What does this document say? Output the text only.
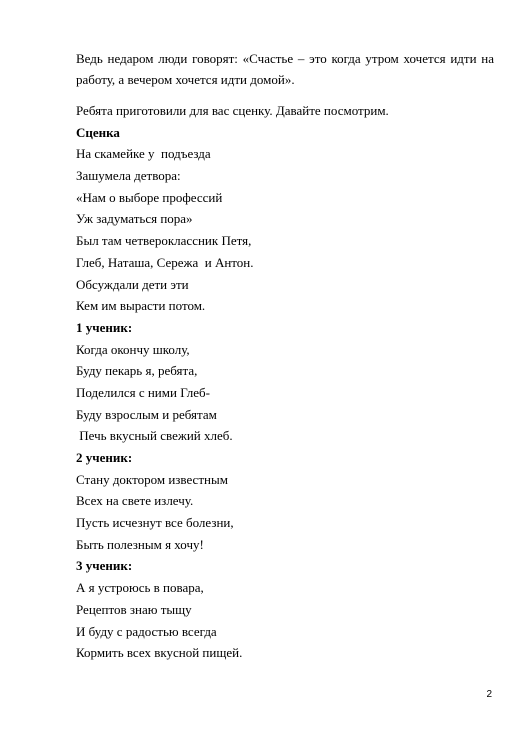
Ведь недаром люди говорят: «Счастье – это когда утром хочется идти на работу, а вечером хочется идти домой».
Ребята приготовили для вас сценку. Давайте посмотрим.
Сценка
На скамейке у  подъезда
Зашумела детвора:
«Нам о выборе профессий
Уж задуматься пора»
Был там четвероклассник Петя,
Глеб, Наташа, Сережа  и Антон.
Обсуждали дети эти
Кем им вырасти потом.
1 ученик:
Когда окончу школу,
Буду пекарь я, ребята,
Поделился с ними Глеб-
Буду взрослым и ребятам
Печь вкусный свежий хлеб.
2 ученик:
Стану доктором известным
Всех на свете излечу.
Пусть исчезнут все болезни,
Быть полезным я хочу!
3 ученик:
А я устроюсь в повара,
Рецептов знаю тыщу
И буду с радостью всегда
Кормить всех вкусной пищей.
2
